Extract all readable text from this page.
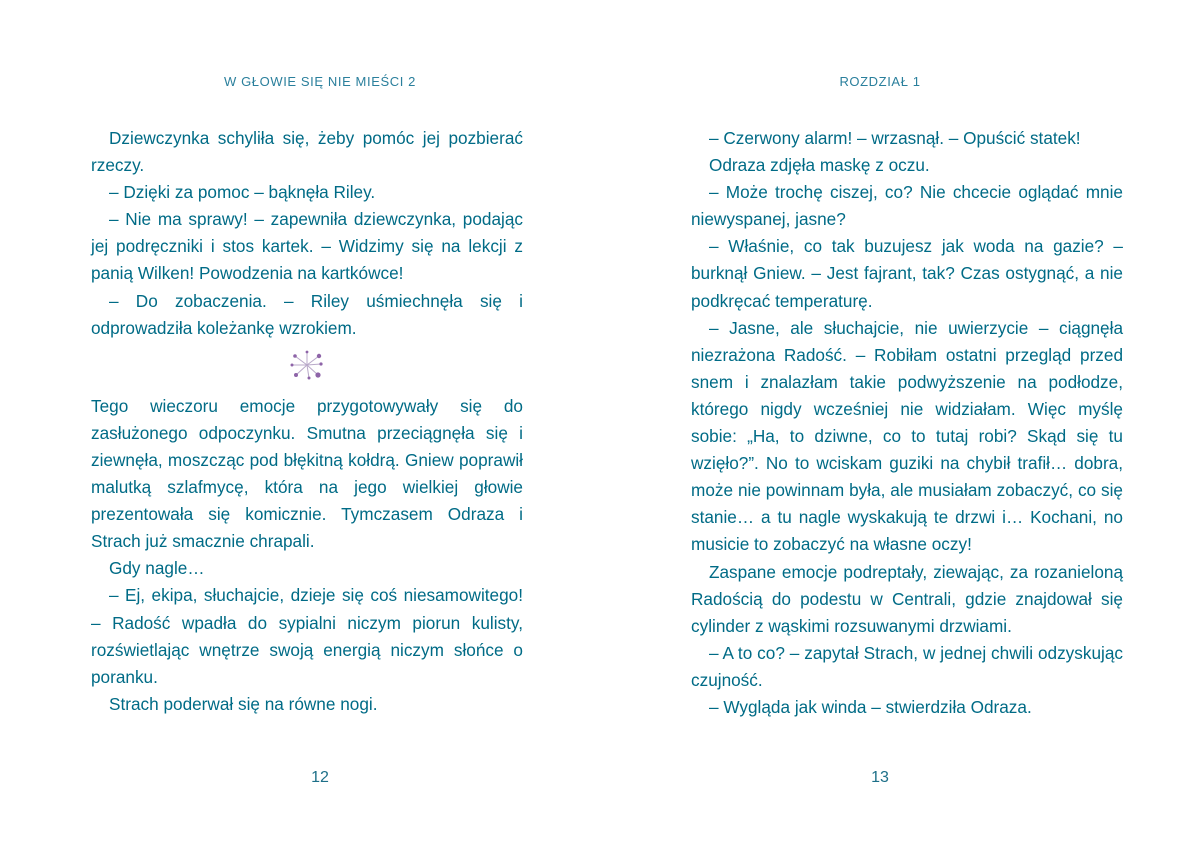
W GŁOWIE SIĘ NIE MIEŚCI 2

Dziewczynka schyliła się, żeby pomóc jej pozbierać rzeczy.

– Dzięki za pomoc – bąknęła Riley.

– Nie ma sprawy! – zapewniła dziewczynka, podając jej podręczniki i stos kartek. – Widzimy się na lekcji z panią Wilken! Powodzenia na kartkówce!

– Do zobaczenia. – Riley uśmiechnęła się i odprowadziła koleżankę wzrokiem.

Tego wieczoru emocje przygotowywały się do zasłużonego odpoczynku. Smutna przeciągnęła się i ziewnęła, moszcząc pod błękitną kołdrą. Gniew poprawił malutką szlafmycę, która na jego wielkiej głowie prezentowała się komicznie. Tymczasem Odraza i Strach już smacznie chrapali.

Gdy nagle…

– Ej, ekipa, słuchajcie, dzieje się coś niesamowitego! – Radość wpadła do sypialni niczym piorun kulisty, rozświetlając wnętrze swoją energią niczym słońce o poranku.

Strach poderwał się na równe nogi.

12
ROZDZIAŁ 1

– Czerwony alarm! – wrzasnął. – Opuścić statek!

Odraza zdjęła maskę z oczu.

– Może trochę ciszej, co? Nie chcecie oglądać mnie niewyspanej, jasne?

– Właśnie, co tak buzujesz jak woda na gazie? – burknął Gniew. – Jest fajrant, tak? Czas ostygnąć, a nie podkręcać temperaturę.

– Jasne, ale słuchajcie, nie uwierzycie – ciągnęła niezrażona Radość. – Robiłam ostatni przegląd przed snem i znalazłam takie podwyższenie na podłodze, którego nigdy wcześniej nie widziałam. Więc myślę sobie: „Ha, to dziwne, co to tutaj robi? Skąd się tu wzięło?”. No to wciskam guziki na chybił trafił… dobra, może nie powinnam była, ale musiałam zobaczyć, co się stanie… a tu nagle wyskakują te drzwi i… Kochani, no musicie to zobaczyć na własne oczy!

Zaspane emocje podreptały, ziewając, za rozanieloną Radością do podestu w Centrali, gdzie znajdował się cylinder z wąskimi rozsuwanymi drzwiami.

– A to co? – zapytał Strach, w jednej chwili odzyskując czujność.

– Wygląda jak winda – stwierdziła Odraza.

13
